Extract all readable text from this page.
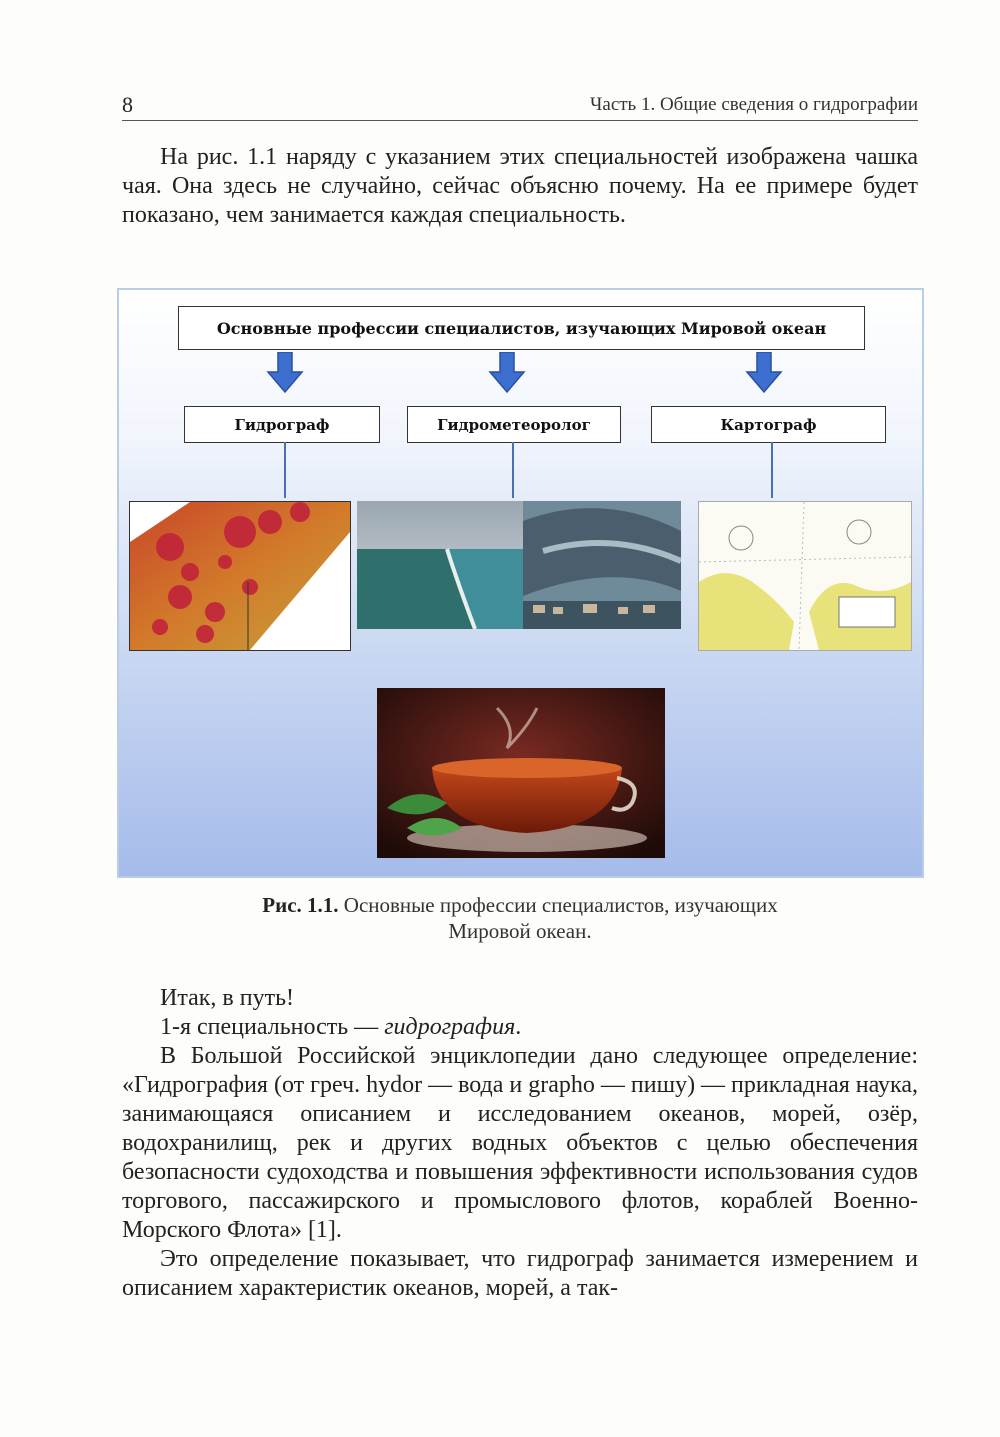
8	Часть 1. Общие сведения о гидрографии

На рис. 1.1 наряду с указанием этих специальностей изображена чашка чая. Она здесь не случайно, сейчас объясню почему. На ее примере будет показано, чем занимается каждая специальность.

Основные профессии специалистов, изучающих Мировой океан
Гидрограф	Гидрометеоролог	Картограф
Рис. 1.1. Основные профессии специалистов, изучающих
Мировой океан.

Итак, в путь!

1-я специальность — гидрография.

В Большой Российской энциклопедии дано следующее определение: «Гидрография (от греч. hydor — вода и grapho — пишу) — прикладная наука, занимающаяся описанием и исследованием океанов, морей, озёр, водохранилищ, рек и других водных объектов с целью обеспечения безопасности судоходства и повышения эффективности использования судов торгового, пассажирского и промыслового флотов, кораблей Военно-Морского Флота» [1].

Это определение показывает, что гидрограф занимается измерением и описанием характеристик океанов, морей, а так-
